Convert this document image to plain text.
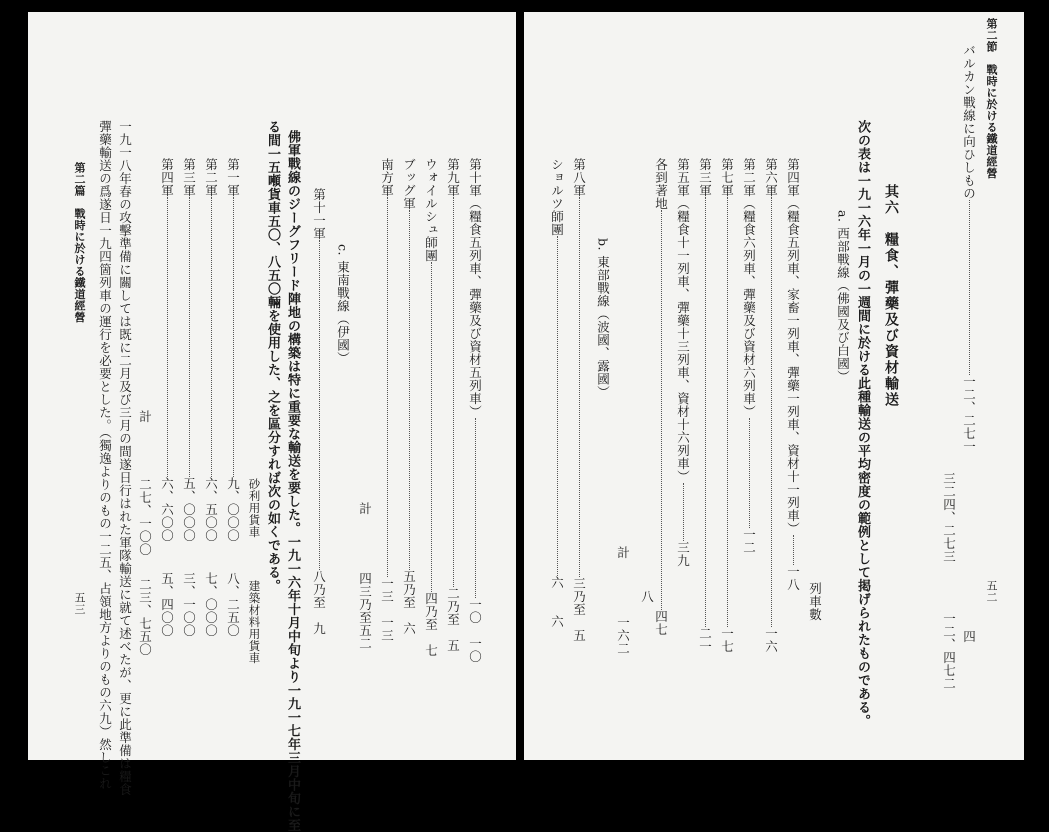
第二節　戰時に於ける鐵道經營
五二
バルカン戰線に向ひしもの一二、二七一
四
三二四、二七三
一二、四七二
其六　糧食、彈藥及び資材輸送
次の表は一九一六年一月の一週間に於ける此種輸送の平均密度の範例として掲げられたものである。
a. 西部戰線（佛國及び白國）
列車數
第四軍（糧食五列車、家畜一列車、彈藥一列車、資材十一列車）一八
第六軍一六
第二軍（糧食六列車、彈藥及び資材六列車）一二
第七軍一七
第三軍二一
第五軍（糧食十一列車、彈藥十三列車、資材十六列車）三九
各到著地四七
八
計
一六二
b. 東部戰線（波國、露國）
第八軍三乃至　五
ショルツ師團六　　六
第十軍（糧食五列車、彈藥及び資材五列車）一〇　一〇
第九軍二乃至　五
ウォイルシュ師團四乃至　七
ブッグ軍五乃至　六
南方軍一三　一三
計
四三乃至五二
c. 東南戰線（伊國）
第十一軍八乃至　九
佛軍戰線のジーグフリード陣地の構築は特に重要な輸送を要した。一九一六年十月中旬より一九一七年三月中旬に至
る間一五噸貨車五〇、八五〇輛を使用した、之を區分すれば次の如くである。
砂利用貨車
建築材料用貨車
第一軍九、〇〇〇八、二五〇
第二軍六、五〇〇七、〇〇〇
第三軍五、〇〇〇三、一〇〇
第四軍六、六〇〇五、四〇〇
計
二七、一〇〇
二三、七五〇
一九一八年春の攻擊準備に關しては既に二月及び三月の間遂日行はれた軍隊輸送に就て述べたが、更に此準備は糧食
彈藥輸送の爲遂日一九四箇列車の運行を必要とした。（獨逸よりのもの一二五、占領地方よりのもの六九）然しこれ
第二篇　戰時に於ける鐵道經營
五三
